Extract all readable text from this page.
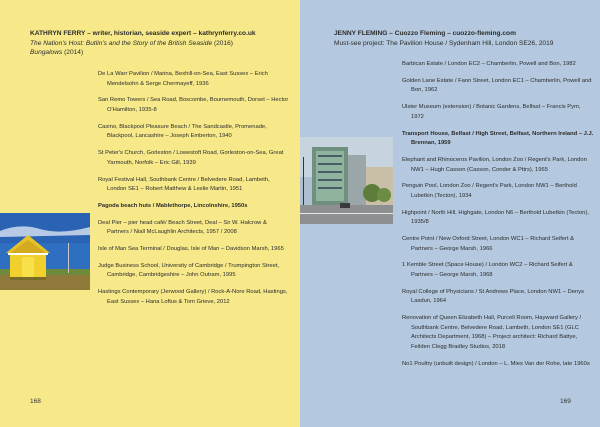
KATHRYN FERRY – writer, historian, seaside expert – kathrynferry.co.uk
The Nation's Host: Butlin's and the Story of the British Seaside (2016)
Bungalows (2014)
De La Warr Pavilion / Marina, Bexhill-on-Sea, East Sussex – Erich Mendelsohn & Serge Chermayeff, 1936
San Remo Towers / Sea Road, Boscombe, Bournemouth, Dorset – Hector O'Hamilton, 1935-8
Casino, Blackpool Pleasure Beach / The Sandcastle, Promenade, Blackpool, Lancashire – Joseph Emberton, 1940
St Peter's Church, Gorleston / Lowestoft Road, Gorleston-on-Sea, Great Yarmouth, Norfolk – Eric Gill, 1939
Royal Festival Hall, Southbank Centre / Belvedere Road, Lambeth, London SE1 – Robert Matthew & Leslie Martin, 1951
Pagoda beach huts / Mablethorpe, Lincolnshire, 1950s
Deal Pier – pier head café/ Beach Street, Deal – Sir W. Halcrow & Partners / Niall McLaughlin Architects, 1957 / 2008
Isle of Man Sea Terminal / Douglas, Isle of Man – Davidson Marsh, 1965
Judge Business School, University of Cambridge / Trumpington Street, Cambridge, Cambridgeshire – John Outram, 1995
Hastings Contemporary (Jerwood Gallery) / Rock-A-Nore Road, Hastings, East Sussex – Hana Loftus & Tom Grieve, 2012
168
JENNY FLEMING – Cuozzo Fleming – cuozzo-fleming.com
Must-see project: The Pavilion House / Sydenham Hill, London SE26, 2019
Barbican Estate / London EC2 – Chamberlin, Powell and Bon, 1982
Golden Lane Estate / Fann Street, London EC1 – Chamberlin, Powell and Bon, 1962
Ulster Museum (extension) / Botanic Gardens, Belfast – Francis Pym, 1972
Transport House, Belfast / High Street, Belfast, Northern Ireland – J.J. Brennan, 1959
Elephant and Rhinoceros Pavilion, London Zoo / Regent's Park, London NW1 – Hugh Casson (Casson, Conder & Pttrs), 1965
Penguin Pool, London Zoo / Regent's Park, London NW1 – Berthold Lubetkin (Tecton), 1934
Highpoint / North Hill, Highgate, London N6 – Berthold Lubetkin (Tecton), 1935/8
Centre Point / New Oxford Street, London WC1 – Richard Seifert & Partners – George Marsh, 1966
1 Kemble Street (Space House) / London WC2 – Richard Seifert & Partners – George Marsh, 1968
Royal College of Physicians / St Andrews Place, London NW1 – Denys Lasdun, 1964
Renovation of Queen Elizabeth Hall, Purcell Room, Hayward Gallery / Southbank Centre, Belvedere Road, Lambeth, London SE1 (GLC Architects Department, 1968) – Project architect: Richard Battye, Feilden Clegg Bradley Studios, 2018
No1 Poultry (unbuilt design) / London – L. Mies Van der Rohe, late 1960s
169
